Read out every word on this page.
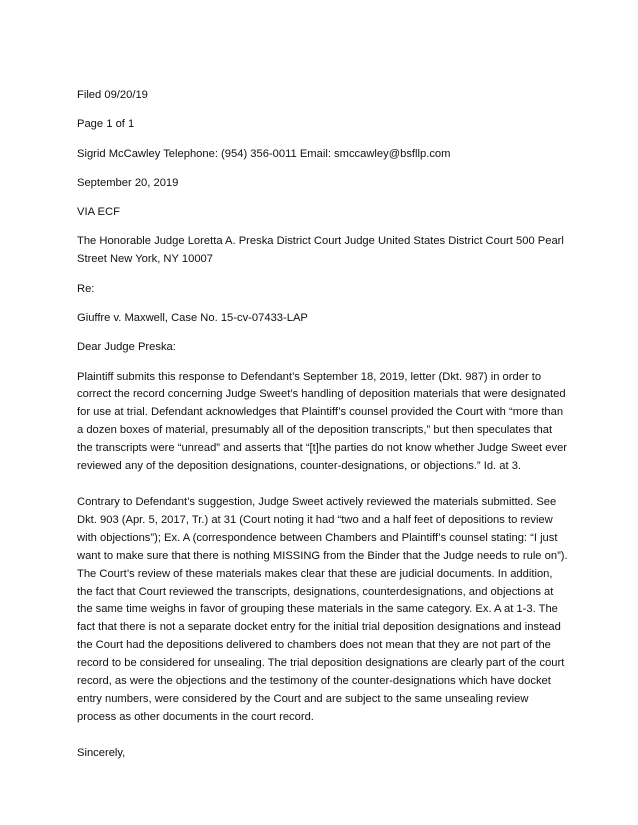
Filed 09/20/19

Page 1 of 1

Sigrid McCawley Telephone: (954) 356-0011 Email: smccawley@bsfllp.com

September 20, 2019

VIA ECF

The Honorable Judge Loretta A. Preska District Court Judge United States District Court 500 Pearl Street New York, NY 10007

Re:

Giuffre v. Maxwell, Case No. 15-cv-07433-LAP

Dear Judge Preska:

Plaintiff submits this response to Defendant’s September 18, 2019, letter (Dkt. 987) in order to correct the record concerning Judge Sweet’s handling of deposition materials that were designated for use at trial. Defendant acknowledges that Plaintiff’s counsel provided the Court with “more than a dozen boxes of material, presumably all of the deposition transcripts,” but then speculates that the transcripts were “unread” and asserts that “[t]he parties do not know whether Judge Sweet ever reviewed any of the deposition designations, counter-designations, or objections.” Id. at 3.

Contrary to Defendant’s suggestion, Judge Sweet actively reviewed the materials submitted. See Dkt. 903 (Apr. 5, 2017, Tr.) at 31 (Court noting it had “two and a half feet of depositions to review with objections”); Ex. A (correspondence between Chambers and Plaintiff’s counsel stating: “I just want to make sure that there is nothing MISSING from the Binder that the Judge needs to rule on”). The Court’s review of these materials makes clear that these are judicial documents. In addition, the fact that Court reviewed the transcripts, designations, counterdesignations, and objections at the same time weighs in favor of grouping these materials in the same category. Ex. A at 1-3. The fact that there is not a separate docket entry for the initial trial deposition designations and instead the Court had the depositions delivered to chambers does not mean that they are not part of the record to be considered for unsealing. The trial deposition designations are clearly part of the court record, as were the objections and the testimony of the counter-designations which have docket entry numbers, were considered by the Court and are subject to the same unsealing review process as other documents in the court record.

Sincerely,
